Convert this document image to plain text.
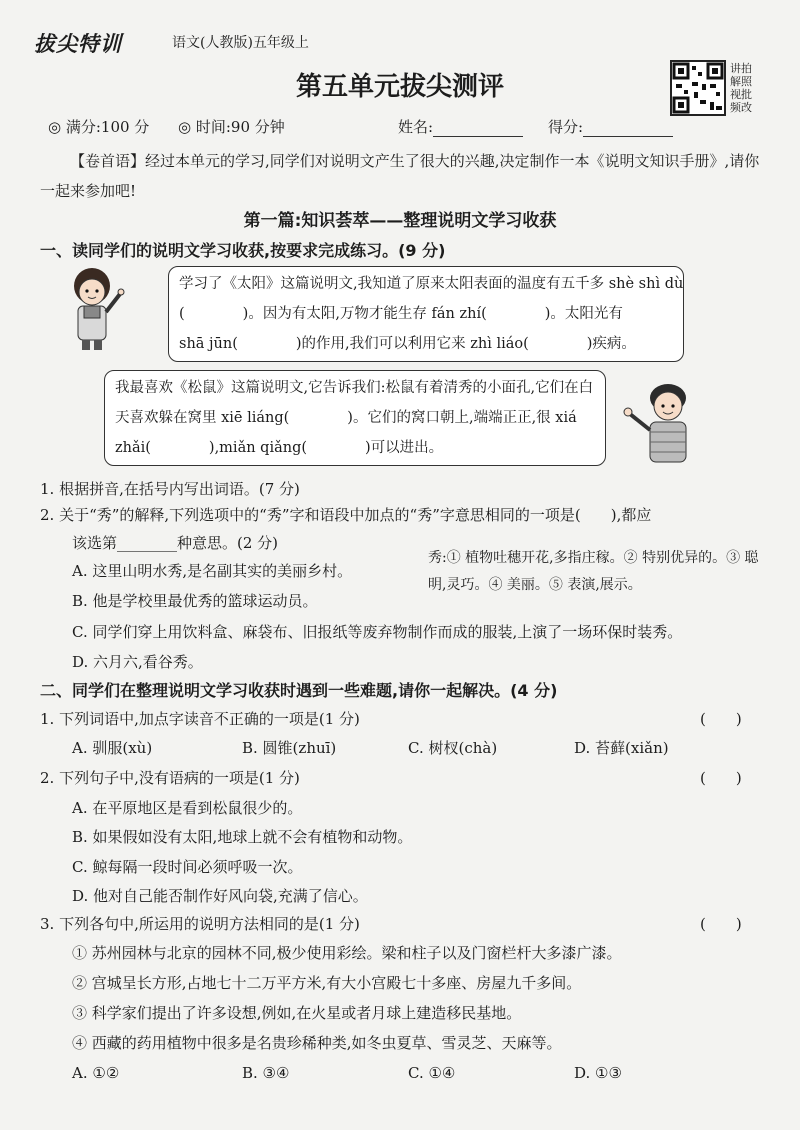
拔尖特训	语文(人教版)五年级上
第五单元拔尖测评
讲拍解照视批频改
◎ 满分:100 分 ◎ 时间:90 分钟	姓名:	得分:
【卷首语】经过本单元的学习,同学们对说明文产生了很大的兴趣,决定制作一本《说明文知识手册》,请你一起来参加吧!
第一篇:知识荟萃——整理说明文学习收获
一、读同学们的说明文学习收获,按要求完成练习。(9 分)
学习了《太阳》这篇说明文,我知道了原来太阳表面的温度有五千多 shè shì dù
(　　　　)。因为有太阳,万物才能生存 fán zhí(　　　　)。太阳光有
shā jūn(　　　　)的作用,我们可以利用它来 zhì liáo(　　　　)疾病。
我最喜欢《松鼠》这篇说明文,它告诉我们:松鼠有着清秀的小面孔,它们在白
天喜欢躲在窝里 xiē liáng(　　　　)。它们的窝口朝上,端端正正,很 xiá
zhǎi(　　　　),miǎn qiǎng(　　　　)可以进出。
1. 根据拼音,在括号内写出词语。(7 分)
2. 关于“秀”的解释,下列选项中的“秀”字和语段中加点的“秀”字意思相同的一项是(　　),都应
该选第________种意思。(2 分)
秀:① 植物吐穗开花,多指庄稼。② 特别优异的。③ 聪明,灵巧。④ 美丽。⑤ 表演,展示。
A. 这里山明水秀,是名副其实的美丽乡村。
B. 他是学校里最优秀的篮球运动员。
C. 同学们穿上用饮料盒、麻袋布、旧报纸等废弃物制作而成的服装,上演了一场环保时装秀。
D. 六月六,看谷秀。
二、同学们在整理说明文学习收获时遇到一些难题,请你一起解决。(4 分)
1. 下列词语中,加点字读音不正确的一项是(1 分)	(　　)
A. 驯服(xù)	B. 圆锥(zhuī)	C. 树杈(chà)	D. 苔藓(xiǎn)
2. 下列句子中,没有语病的一项是(1 分)	(　　)
A. 在平原地区是看到松鼠很少的。
B. 如果假如没有太阳,地球上就不会有植物和动物。
C. 鲸每隔一段时间必须呼吸一次。
D. 他对自己能否制作好风向袋,充满了信心。
3. 下列各句中,所运用的说明方法相同的是(1 分)	(　　)
① 苏州园林与北京的园林不同,极少使用彩绘。梁和柱子以及门窗栏杆大多漆广漆。
② 宫城呈长方形,占地七十二万平方米,有大小宫殿七十多座、房屋九千多间。
③ 科学家们提出了许多设想,例如,在火星或者月球上建造移民基地。
④ 西藏的药用植物中很多是名贵珍稀种类,如冬虫夏草、雪灵芝、天麻等。
A. ①②	B. ③④	C. ①④	D. ①③
